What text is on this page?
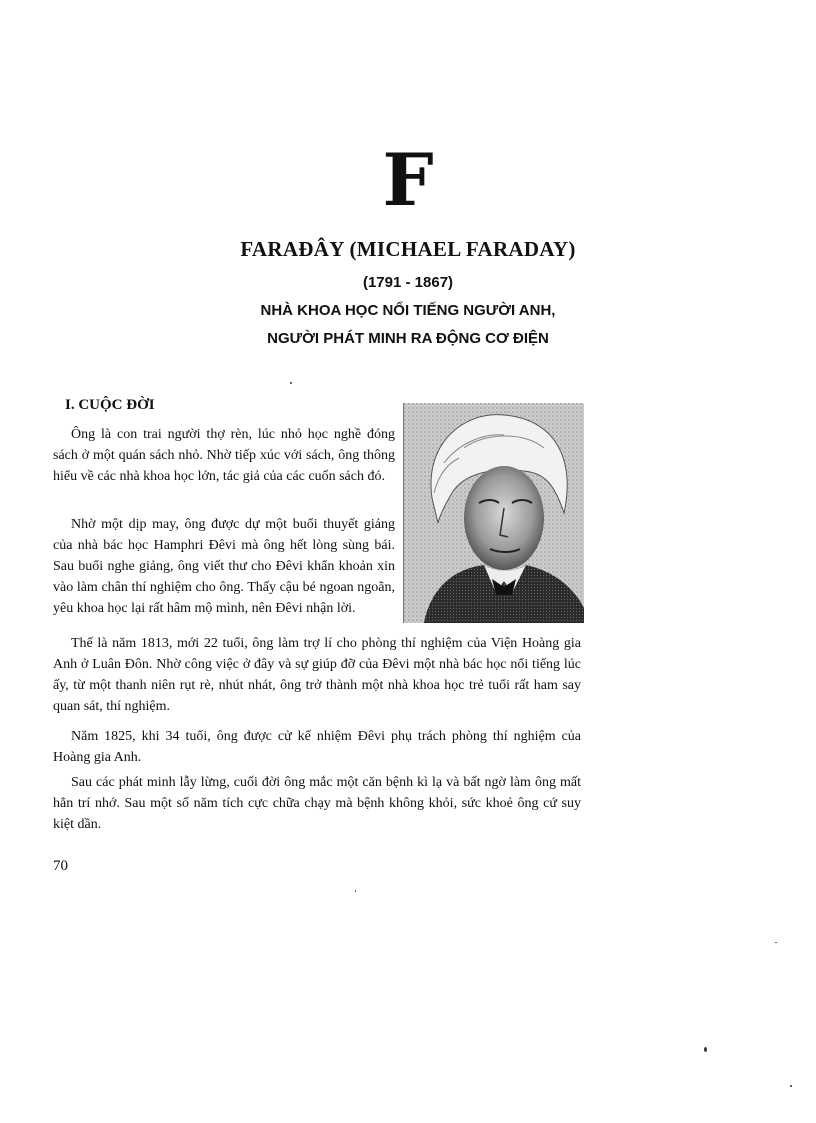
F
FARAĐÂY (MICHAEL FARADAY)
(1791 - 1867)
NHÀ KHOA HỌC NỔI TIẾNG NGƯỜI ANH,
NGƯỜI PHÁT MINH RA ĐỘNG CƠ ĐIỆN
I. CUỘC ĐỜI

Ông là con trai người thợ rèn, lúc nhỏ học nghề đóng sách ở một quán sách nhỏ. Nhờ tiếp xúc với sách, ông thông hiểu về các nhà khoa học lớn, tác giả của các cuốn sách đó.

Nhờ một dịp may, ông được dự một buổi thuyết giảng của nhà bác học Hamphri Đêvi mà ông hết lòng sùng bái. Sau buổi nghe giảng, ông viết thư cho Đêvi khẩn khoản xin vào làm chân thí nghiệm cho ông. Thấy cậu bé ngoan ngoãn, yêu khoa học lại rất hâm mộ mình, nên Đêvi nhận lời.

Thế là năm 1813, mới 22 tuổi, ông làm trợ lí cho phòng thí nghiệm của Viện Hoàng gia Anh ở Luân Đôn. Nhờ công việc ở đây và sự giúp đỡ của Đêvi một nhà bác học nổi tiếng lúc ấy, từ một thanh niên rụt rè, nhút nhát, ông trở thành một nhà khoa học trẻ tuổi rất ham say quan sát, thí nghiệm.

Năm 1825, khi 34 tuổi, ông được cử kế nhiệm Đêvi phụ trách phòng thí nghiệm của Hoàng gia Anh.

Sau các phát minh lẫy lừng, cuối đời ông mắc một căn bệnh kì lạ và bất ngờ làm ông mất hẳn trí nhớ. Sau một số năm tích cực chữa chạy mà bệnh không khỏi, sức khoẻ ông cứ suy kiệt dần.

70
